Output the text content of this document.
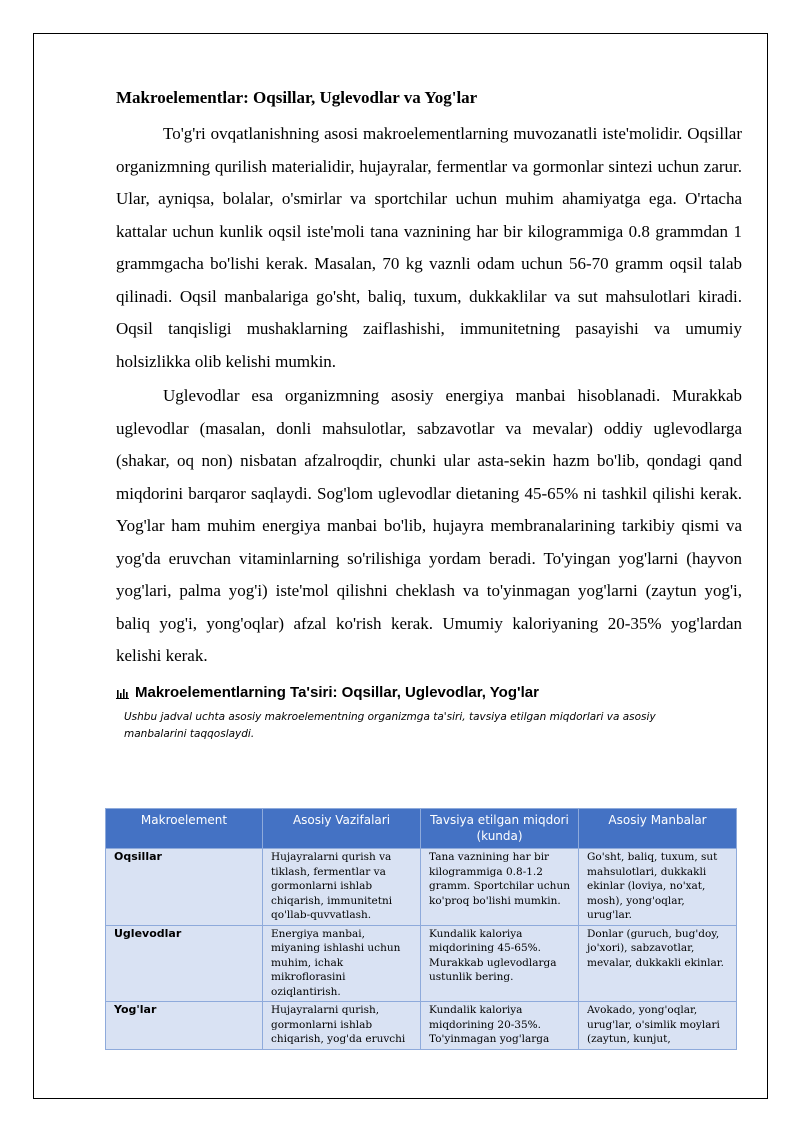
Makroelementlar: Oqsillar, Uglevodlar va Yog'lar

To'g'ri ovqatlanishning asosi makroelementlarning muvozanatli iste'molidir. Oqsillar organizmning qurilish materialidir, hujayralar, fermentlar va gormonlar sintezi uchun zarur. Ular, ayniqsa, bolalar, o'smirlar va sportchilar uchun muhim ahamiyatga ega. O'rtacha kattalar uchun kunlik oqsil iste'moli tana vaznining har bir kilogrammiga 0.8 grammdan 1 grammgacha bo'lishi kerak. Masalan, 70 kg vaznli odam uchun 56-70 gramm oqsil talab qilinadi. Oqsil manbalariga go'sht, baliq, tuxum, dukkaklilar va sut mahsulotlari kiradi. Oqsil tanqisligi mushaklarning zaiflashishi, immunitetning pasayishi va umumiy holsizlikka olib kelishi mumkin.

Uglevodlar esa organizmning asosiy energiya manbai hisoblanadi. Murakkab uglevodlar (masalan, donli mahsulotlar, sabzavotlar va mevalar) oddiy uglevodlarga (shakar, oq non) nisbatan afzalroqdir, chunki ular asta-sekin hazm bo'lib, qondagi qand miqdorini barqaror saqlaydi. Sog'lom uglevodlar dietaning 45-65% ni tashkil qilishi kerak. Yog'lar ham muhim energiya manbai bo'lib, hujayra membranalarining tarkibiy qismi va yog'da eruvchan vitaminlarning so'rilishiga yordam beradi. To'yingan yog'larni (hayvon yog'lari, palma yog'i) iste'mol qilishni cheklash va to'yinmagan yog'larni (zaytun yog'i, baliq yog'i, yong'oqlar) afzal ko'rish kerak. Umumiy kaloriyaning 20-35% yog'lardan kelishi kerak.

Makroelementlarning Ta'siri: Oqsillar, Uglevodlar, Yog'lar
Ushbu jadval uchta asosiy makroelementning organizmga ta'siri, tavsiya etilgan miqdorlari va asosiy manbalarini taqqoslaydi.
Makroelement	Asosiy Vazifalari	Tavsiya etilgan miqdori (kunda)	Asosiy Manbalar
Oqsillar	Hujayralarni qurish va tiklash, fermentlar va gormonlarni ishlab chiqarish, immunitetni qo'llab-quvvatlash.	Tana vaznining har bir kilogrammiga 0.8-1.2 gramm. Sportchilar uchun ko'proq bo'lishi mumkin.	Go'sht, baliq, tuxum, sut mahsulotlari, dukkakli ekinlar (loviya, no'xat, mosh), yong'oqlar, urug'lar.
Uglevodlar	Energiya manbai, miyaning ishlashi uchun muhim, ichak mikroflorasini oziqlantirish.	Kundalik kaloriya miqdorining 45-65%. Murakkab uglevodlarga ustunlik bering.	Donlar (guruch, bug'doy, jo'xori), sabzavotlar, mevalar, dukkakli ekinlar.

Yog'lar	Hujayralarni qurish, gormonlarni ishlab chiqarish, yog'da eruvchi	Kundalik kaloriya miqdorining 20-35%. To'yinmagan yog'larga	Avokado, yong'oqlar, urug'lar, o'simlik moylari (zaytun, kunjut,
